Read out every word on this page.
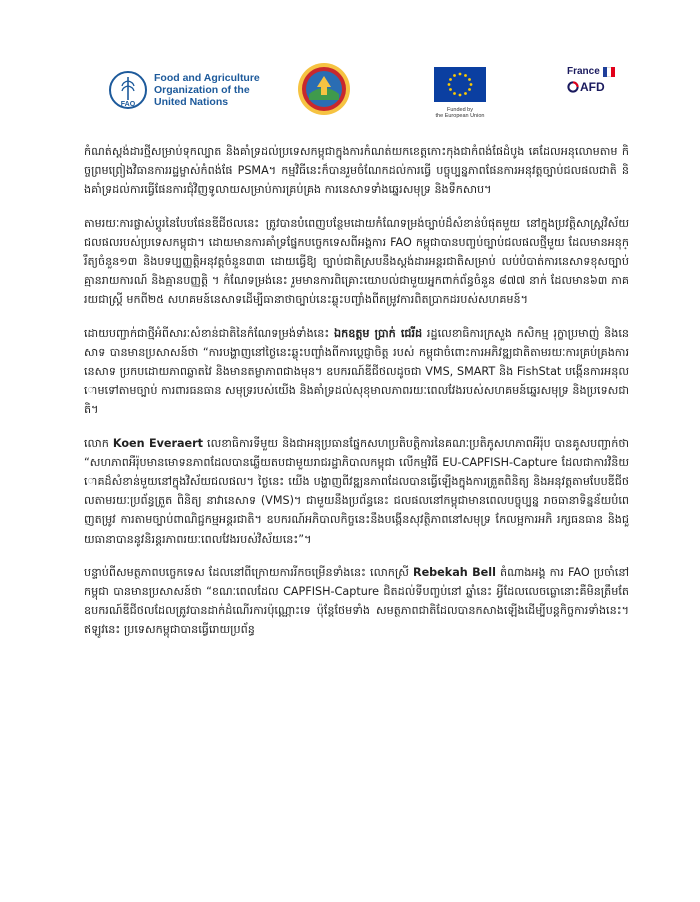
FAO
Food and Agriculture
Organization of the
United Nations
Funded by
the European Union
France
AFD

កំណត់ស្តង់ដារថ្មីសម្រាប់ទុកល្បាត និងគាំទ្រដល់ប្រទេសកម្ពុជាក្នុងការកំណត់យកខេត្តកោះកុងជាកំពង់ផែដំបូង គេដែលអនុលោមតាម កិច្ចព្រមព្រៀងវិធានការរដ្ឋម្ចាស់កំពង់ផែ PSMA។ កម្មវិធីនេះក៏បានរួមចំណែកដល់ការធ្វើ បច្ចុប្បន្នភាពផែនការអនុវត្តច្បាប់ជលផលជាតិ និងគាំទ្រដល់ការធ្វើផែនការជុំវិញទូលាយសម្រាប់ការគ្រប់គ្រង ការនេសាទទាំងឆ្នេរសមុទ្រ និងទឹកសាប។

តាមរយៈការផ្លាស់ប្តូរនៃបែបផែនឌីជីថលនេះ ត្រូវបានបំពេញបន្ថែមដោយកំណែទម្រង់ច្បាប់ដ៏សំខាន់បំផុតមួយ នៅក្នុងប្រវត្តិសាស្ត្រវិស័យជលផលរបស់ប្រទេសកម្ពុជា។ ដោយមានការគាំទ្រផ្នែកបច្ចេកទេសពីអង្គការ FAO កម្ពុជាបានបញ្ចប់ច្បាប់ជលផលថ្មីមួយ ដែលមានអនុក្រឹត្យចំនួន១៣ និងបទប្បញ្ញត្តិអនុវត្តចំនួន៣៣ ដោយធ្វើឱ្យ ច្បាប់ជាតិស្របនឹងស្តង់ដារអន្តរជាតិសម្រាប់ លប់បំបាត់ការនេសាទខុសច្បាប់ គ្មានរាយការណ៍ និងគ្មានបញ្ញត្តិ ។ កំណែទម្រង់នេះ រួមមានការពិគ្រោះយោបល់ជាមួយអ្នកពាក់ព័ន្ធចំនួន ៨៧៧ នាក់ ដែលមាន៦៣ ភាគរយជាស្ត្រី មកពី២៥ សហគមន៍នេសាទដើម្បីធានាថាច្បាប់នេះឆ្លុះបញ្ចាំងពីតម្រូវការពិតប្រាកដរបស់សហគមន៍។

ដោយបញ្ជាក់ជាថ្មីអំពីសារៈសំខាន់ជាតិនៃកំណែទម្រង់ទាំងនេះ ឯកឧត្តម ប្រាក់ ជេរីដ រដ្ឋលេខាធិការក្រសួង កសិកម្ម រុក្ខាប្រមាញ់ និងនេសាទ បានមានប្រសាសន៍ថា “ការបង្ហាញនៅថ្ងៃនេះឆ្លុះបញ្ចាំងពីការប្តេជ្ញាចិត្ត របស់ កម្ពុជាចំពោះការអភិវឌ្ឍជាតិតាមរយៈការគ្រប់គ្រងការនេសាទ ប្រកបដោយភាពឆ្លាតវៃ និងមានតម្លាភាពជាងមុន។ ឧបករណ៍ឌីជីថលដូចជា VMS, SMART និង FishStat បង្កើនការអនុលោមទៅតាមច្បាប់ ការពារធនធាន សមុទ្ររបស់យើង និងគាំទ្រដល់សុខុមាលភាពរយៈពេលវែងរបស់សហគមន៍ឆ្នេរសមុទ្រ និងប្រទេសជាតិ។

លោក Koen Everaert លេខាធិការទីមួយ និងជាអនុប្រធានផ្នែកសហប្រតិបត្តិការនៃគណៈប្រតិភូសហភាពអឺរ៉ុប បានគូសបញ្ជាក់ថា “សហភាពអឺរ៉ុបមានមោទនភាពដែលបានឆ្លើយតបជាមួយរាជរដ្ឋាភិបាលកម្ពុជា លើកម្មវិធី EU-CAPFISH-Capture ដែលជាការវិនិយោគដ៏សំខាន់មួយនៅក្នុងវិស័យជលផល។ ថ្ងៃនេះ យើង បង្ហាញពីវឌ្ឍនភាពដែលបានធ្វើឡើងក្នុងការត្រួតពិនិត្យ និងអនុវត្តតាមបែបឌីជីថលតាមរយៈប្រព័ន្ធត្រួត ពិនិត្យ នាវានេសាទ (VMS)។ ជាមួយនឹងប្រព័ន្ធនេះ ជលផលនៅកម្ពុជាមានពេលបច្ចុប្បន្ន រាចធានាទិន្នន័យបំពេញតម្រូវ ការតាមច្បាប់ពាណិជ្ជកម្មអន្តរជាតិ។ ឧបករណ៍អភិបាលកិច្ចនេះនឹងបង្កើនសុវត្ថិភាពនៅសមុទ្រ កែលម្អការអភិ រក្សធនធាន និងជួយធានាបាននូវនិរន្តរភាពរយៈពេលវែងរបស់វិស័យនេះ”។

បន្ទាប់ពីសមត្ថភាពបច្ចេកទេស ដែលនៅពីក្រោយការរីកចម្រើនទាំងនេះ លោកស្រី Rebekah Bell តំណាងអង្គ ការ FAO ប្រចាំនៅកម្ពុជា បានមានប្រសាសន៍ថា “ខណៈពេលដែល CAPFISH-Capture ជិតដល់ទីបញ្ចប់នៅ ឆ្នាំនេះ អ្វីដែលលេចធ្លោនោះគឺមិនត្រឹមតែឧបករណ៍ឌីជីថលដែលត្រូវបានដាក់ដំណើរការប៉ុណ្ណោះទេ ប៉ុន្តែថែមទាំង សមត្ថភាពជាតិដែលបានកសាងឡើងដើម្បីបន្តកិច្ចការទាំងនេះ។ ឥឡូវនេះ ប្រទេសកម្ពុជាបានធ្វើរោយប្រព័ន្ធ
